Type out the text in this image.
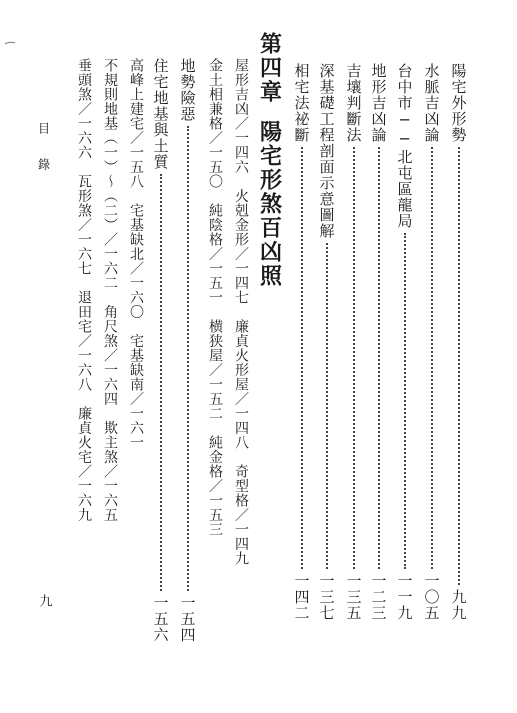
陽宅外形勢
九九
水脈吉凶論
一〇五
台中市──北屯區龍局
一一九
地形吉凶論
一二三
吉壤判斷法
一三五
深基礎工程剖面示意圖解
一三七
相宅法祕斷
一四二
第四章
陽宅形煞百凶照
屋形吉凶／一四六　火剋金形／一四七　廉貞火形屋／一四八　奇型格／一四九
金土相兼格／一五〇　純陰格／一五一　横狭屋／一五二　純金格／一五三
地勢險惡
一五四
住宅地基與土質
一五六
高峰上建宅／一五八　宅基缺北／一六〇　宅基缺南／一六一
不規則地基（一）～（二）／一六二　角尺煞／一六四　欺主煞／一六五
垂頭煞／一六六　瓦形煞／一六七　退田宅／一六八　廉貞火宅／一六九
目　錄
九
